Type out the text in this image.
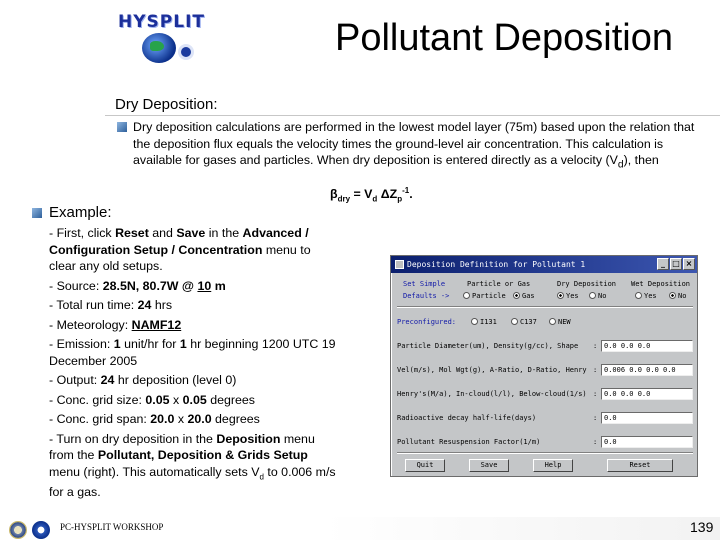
HYSPLIT	Pollutant Deposition
Dry Deposition:
Dry deposition calculations are performed in the lowest model layer (75m) based upon the relation that the deposition flux equals the velocity times the ground-level air concentration. This calculation is available for gases and particles. When dry deposition is entered directly as a velocity $(V_d)$, then
$\beta_{dry} = V_d$ $\Delta Z_p^{-1}$.
Example:
- First, click Reset and Save in the Advanced /
Configuration Setup / Concentration menu to
clear any old setups.
- Source: 28.5N, 80.7W @ 10 m
- Total run time: 24 hrs
- Meteorology: NAMF12
- Emission: 1 unit/hr for 1 hr beginning 1200 UTC 19
December 2005
- Output: 24 hr deposition (level 0)
- Conc. grid size: 0.05 x 0.05 degrees
- Conc. grid span: 20.0 x 20.0 degrees
- Turn on dry deposition in the Deposition menu
from the Pollutant, Deposition & Grids Setup
menu (right). This automatically sets $V_d$ to 0.006 m/s
for a gas.
Deposition Definition for Pollutant 1	_ □ ×
Set Simple
Defaults ->
Particle or Gas	Dry Deposition Wet Deposition
Particle	Gas	Yes	No	Yes	No
Preconfigured:	I131	C137	NEW
Particle Diameter(um), Density(g/cc), Shape : 0.0 0.0 0.0
Vel(m/s), Mol Wgt(g), A-Ratio, D-Ratio, Henry : 0.006 0.0 0.0 0.0
Henry's(M/a), In-cloud(l/l), Below-cloud(1/s) : 0.0 0.0 0.0
Radioactive decay half-life(days)	: 0.0
Pollutant Resuspension Factor(1/m)	: 0.0
Quit	Save	Help	Reset
PC-HYSPLIT WORKSHOP	139
